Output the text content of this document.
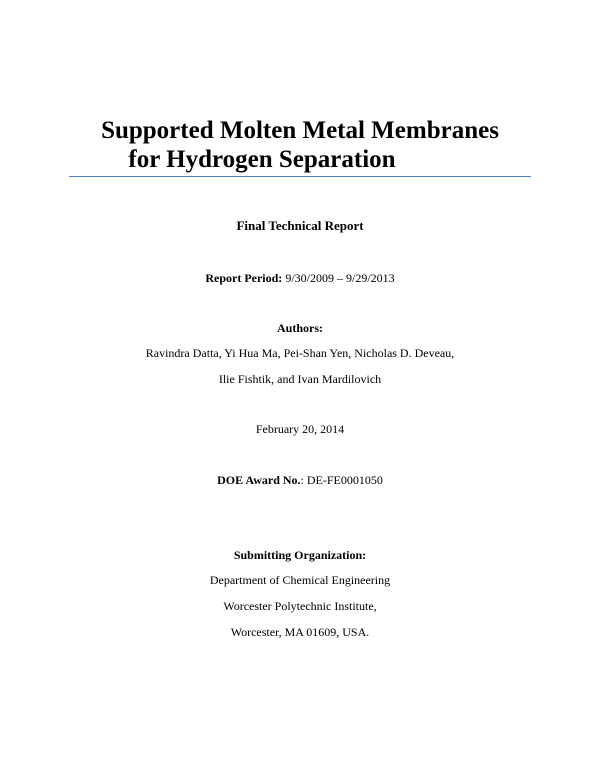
Supported Molten Metal Membranes
for Hydrogen Separation
Final Technical Report
Report Period: 9/30/2009 – 9/29/2013
Authors:
Ravindra Datta, Yi Hua Ma, Pei-Shan Yen, Nicholas D. Deveau,
Ilie Fishtik, and Ivan Mardilovich
February 20, 2014
DOE Award No.: DE-FE0001050
Submitting Organization:
Department of Chemical Engineering
Worcester Polytechnic Institute,
Worcester, MA 01609, USA.
